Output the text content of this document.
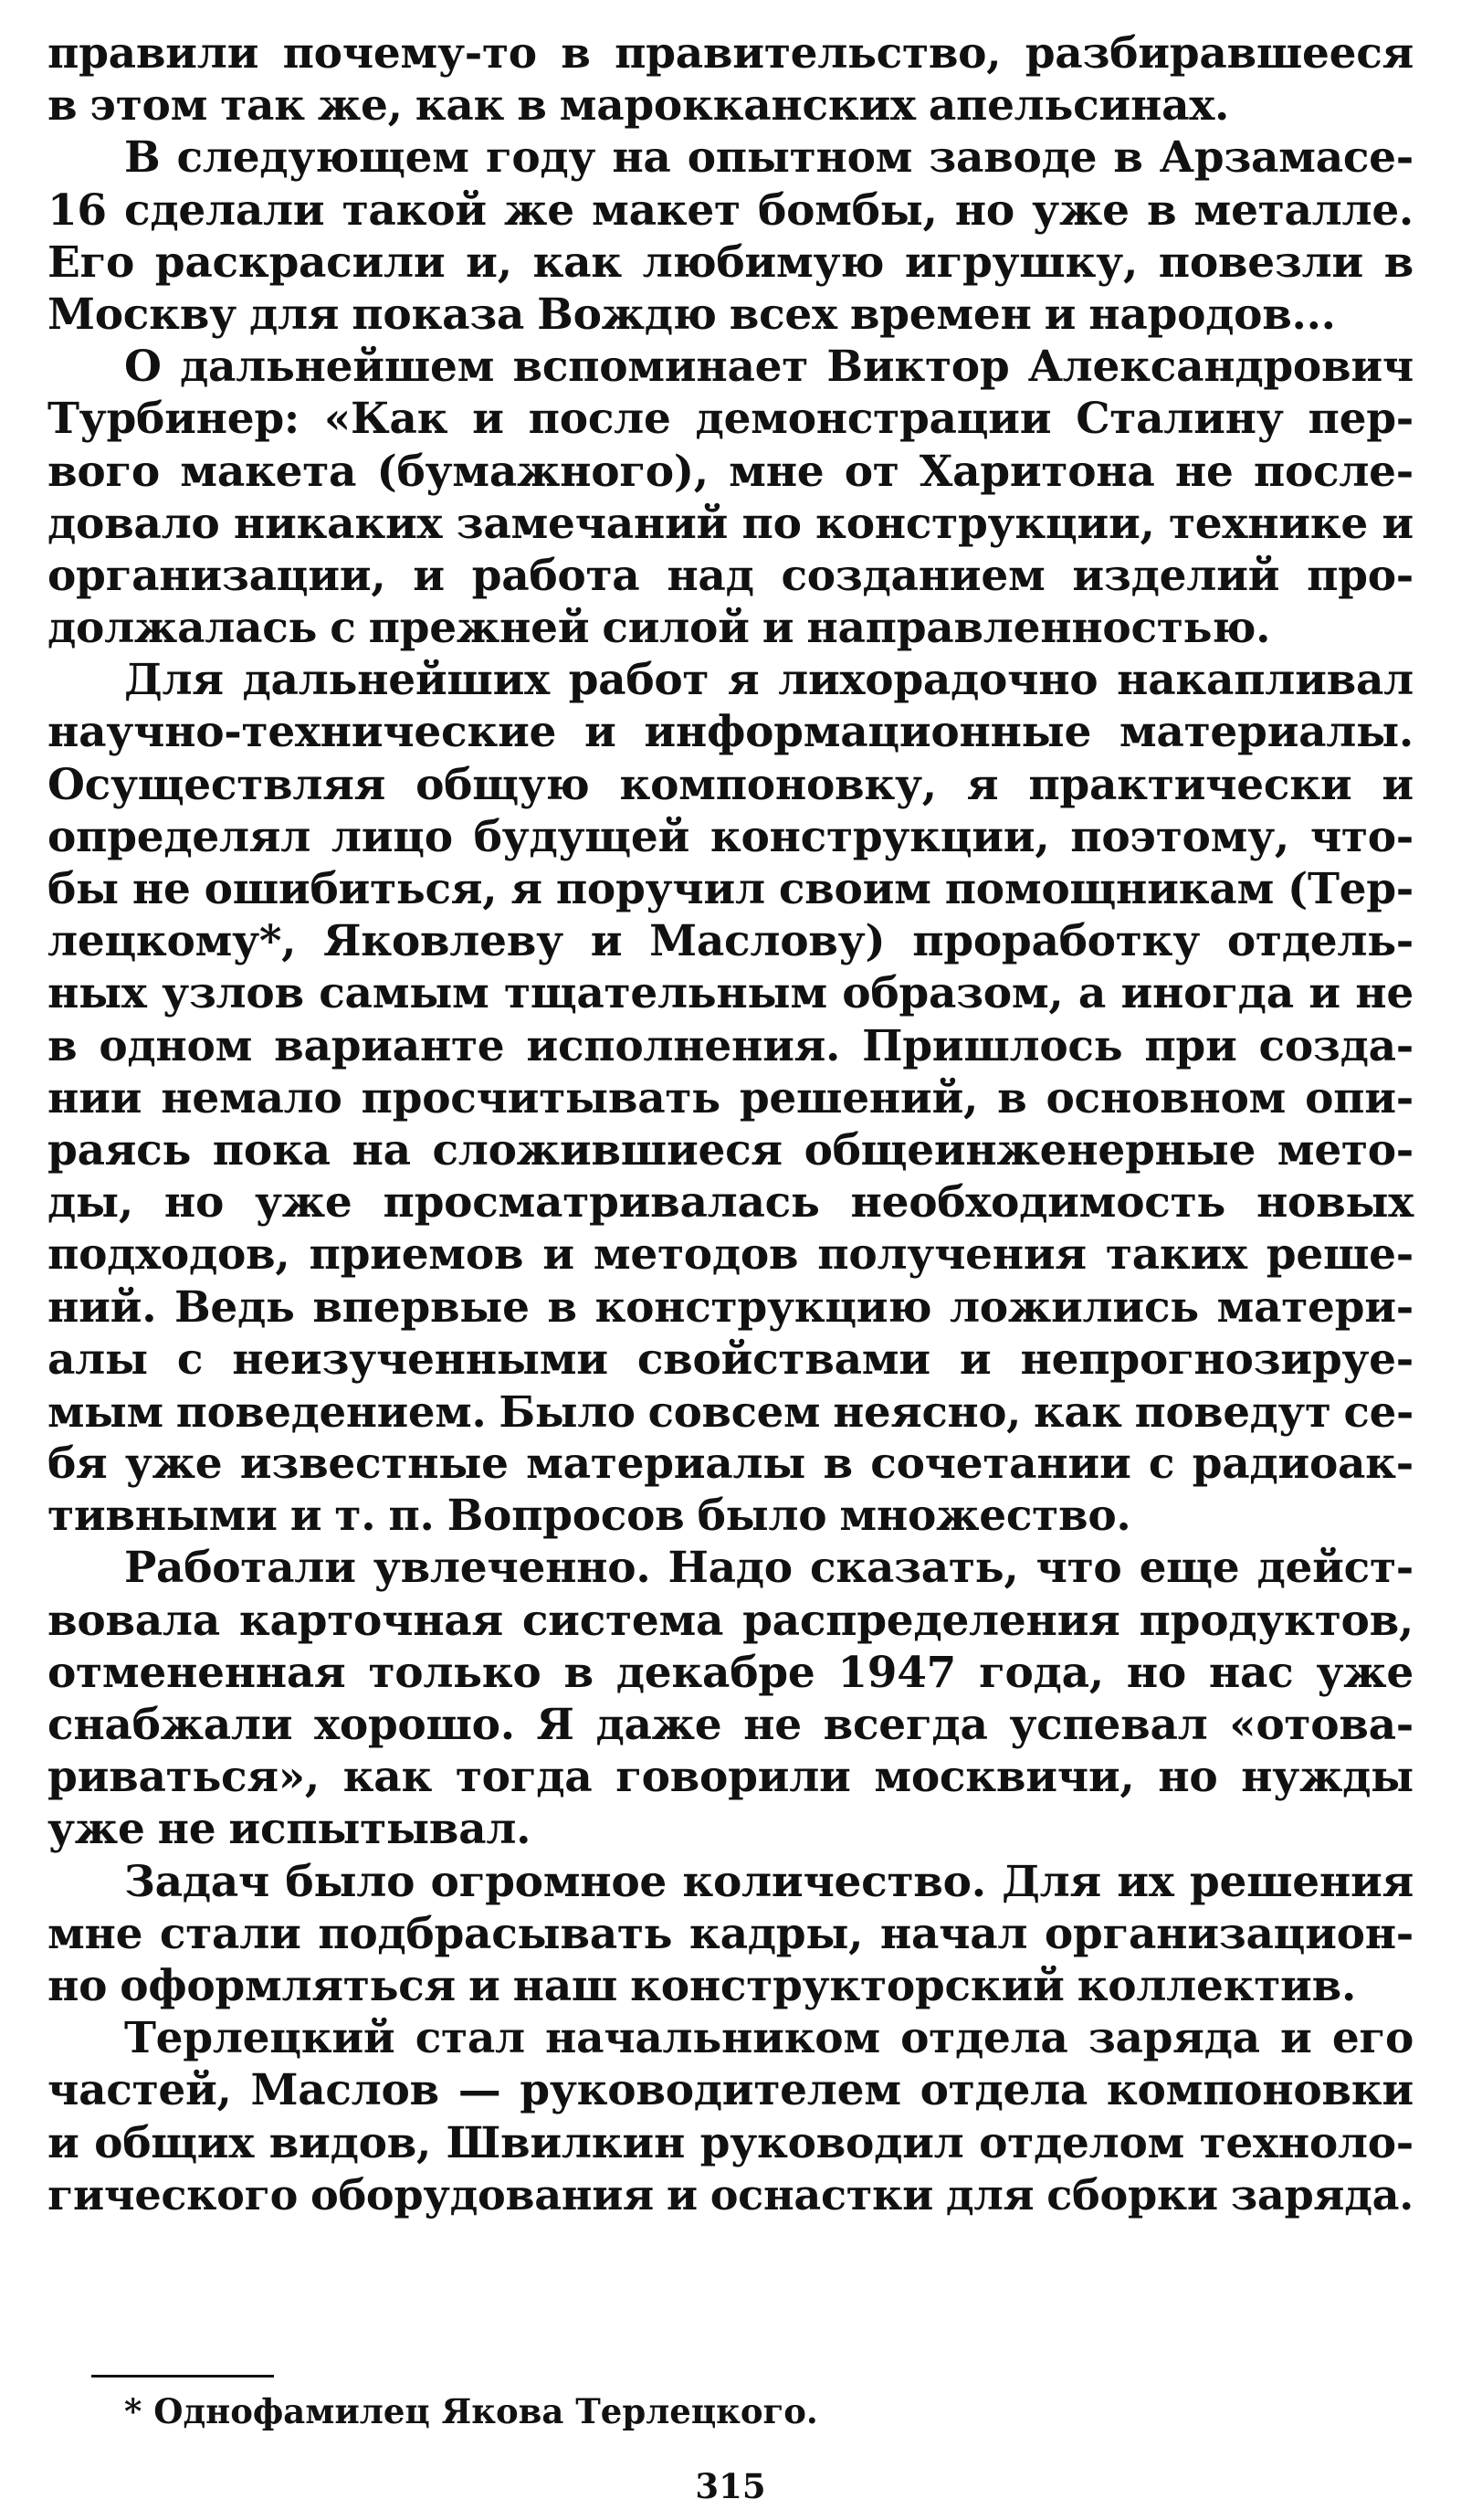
правили почему-то в правительство, разбиравшееся
в этом так же, как в марокканских апельсинах.
В следующем году на опытном заводе в Арзамасе-
16 сделали такой же макет бомбы, но уже в металле.
Его раскрасили и, как любимую игрушку, повезли в
Москву для показа Вождю всех времен и народов...
О дальнейшем вспоминает Виктор Александрович
Турбинер: «Как и после демонстрации Сталину пер-
вого макета (бумажного), мне от Харитона не после-
довало никаких замечаний по конструкции, технике и
организации, и работа над созданием изделий про-
должалась с прежней силой и направленностью.
Для дальнейших работ я лихорадочно накапливал
научно-технические и информационные материалы.
Осуществляя общую компоновку, я практически и
определял лицо будущей конструкции, поэтому, что-
бы не ошибиться, я поручил своим помощникам (Тер-
лецкому*, Яковлеву и Маслову) проработку отдель-
ных узлов самым тщательным образом, а иногда и не
в одном варианте исполнения. Пришлось при созда-
нии немало просчитывать решений, в основном опи-
раясь пока на сложившиеся общеинженерные мето-
ды, но уже просматривалась необходимость новых
подходов, приемов и методов получения таких реше-
ний. Ведь впервые в конструкцию ложились матери-
алы с неизученными свойствами и непрогнозируе-
мым поведением. Было совсем неясно, как поведут се-
бя уже известные материалы в сочетании с радиоак-
тивными и т. п. Вопросов было множество.
Работали увлеченно. Надо сказать, что еще дейст-
вовала карточная система распределения продуктов,
отмененная только в декабре 1947 года, но нас уже
снабжали хорошо. Я даже не всегда успевал «отова-
риваться», как тогда говорили москвичи, но нужды
уже не испытывал.
Задач было огромное количество. Для их решения
мне стали подбрасывать кадры, начал организацион-
но оформляться и наш конструкторский коллектив.
Терлецкий стал начальником отдела заряда и его
частей, Маслов — руководителем отдела компоновки
и общих видов, Швилкин руководил отделом техноло-
гического оборудования и оснастки для сборки заряда.
* Однофамилец Якова Терлецкого.
315
